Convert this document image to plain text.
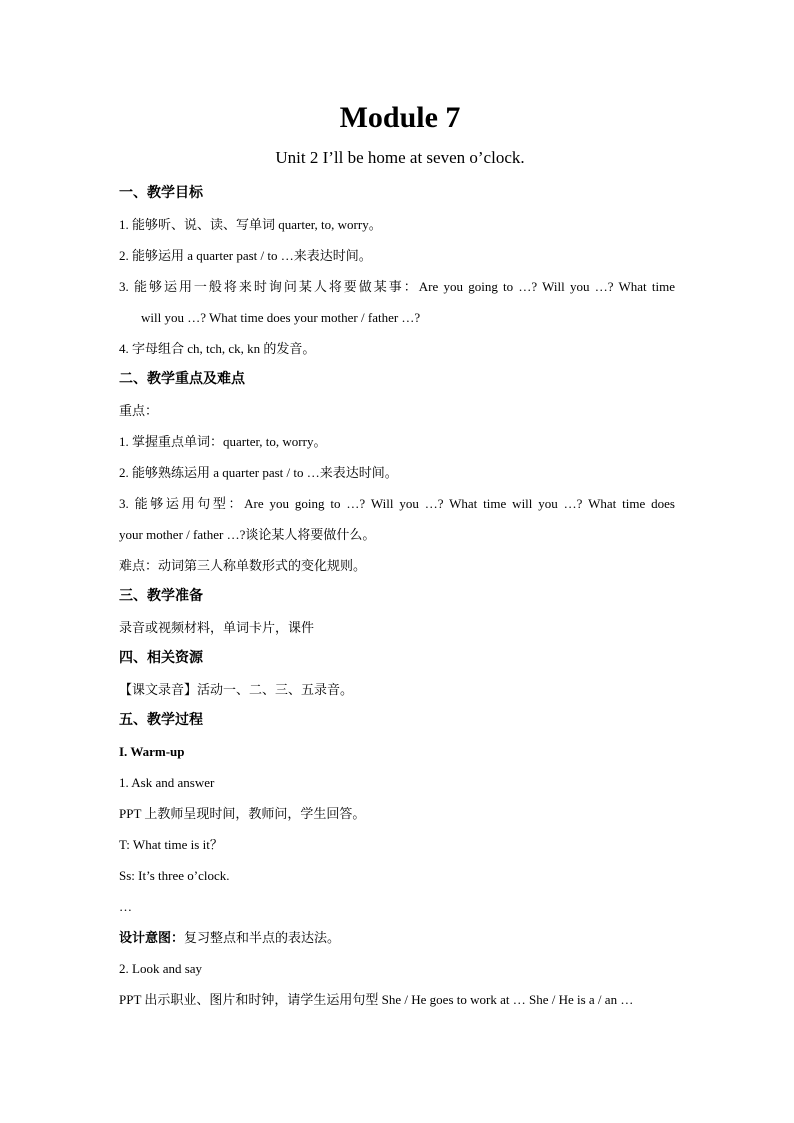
Module 7

Unit 2 I’ll be home at seven o’clock.

一、教学目标

1. 能够听、说、读、写单词 quarter, to, worry。

2. 能够运用 a quarter past / to …来表达时间。

3. 能够运用一般将来时询问某人将要做某事：Are you going to …? Will you …? What time

will you …? What time does your mother / father …?

4. 字母组合 ch, tch, ck, kn 的发音。

二、教学重点及难点

重点：

1. 掌握重点单词：quarter, to, worry。

2. 能够熟练运用 a quarter past / to …来表达时间。

3. 能够运用句型：Are you going to …? Will you …? What time will you …? What time does

your mother / father …?谈论某人将要做什么。

难点：动词第三人称单数形式的变化规则。

三、教学准备

录音或视频材料，单词卡片，课件

四、相关资源

【课文录音】活动一、二、三、五录音。

五、教学过程

I. Warm-up

1. Ask and answer

PPT 上教师呈现时间，教师问，学生回答。

T: What time is it？

Ss: It’s three o’clock.

…

设计意图：复习整点和半点的表达法。

2. Look and say

PPT 出示职业、图片和时钟，请学生运用句型 She / He goes to work at … She / He is a / an …
